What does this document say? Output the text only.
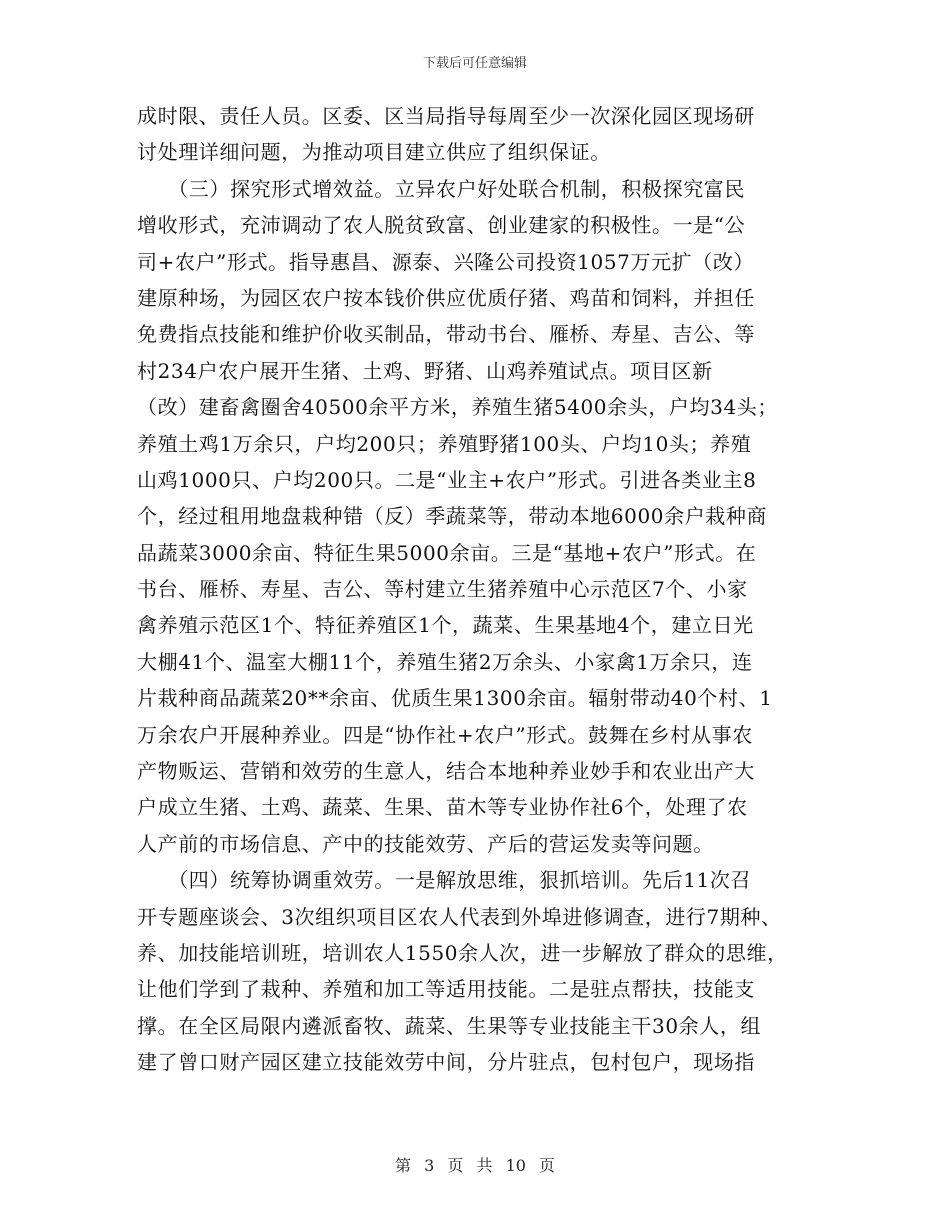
下载后可任意编辑
成时限、责任人员。区委、区当局指导每周至少一次深化园区现场研
讨处理详细问题，为推动项目建立供应了组织保证。
　　（三）探究形式增效益。立异农户好处联合机制，积极探究富民
增收形式，充沛调动了农人脱贫致富、创业建家的积极性。一是“公
司+农户”形式。指导惠昌、源泰、兴隆公司投资1057万元扩（改）
建原种场，为园区农户按本钱价供应优质仔猪、鸡苗和饲料，并担任
免费指点技能和维护价收买制品，带动书台、雁桥、寿星、吉公、等
村234户农户展开生猪、土鸡、野猪、山鸡养殖试点。项目区新
（改）建畜禽圈舍40500余平方米，养殖生猪5400余头，户均34头；
养殖土鸡1万余只，户均200只；养殖野猪100头、户均10头；养殖
山鸡1000只、户均200只。二是“业主+农户”形式。引进各类业主8
个，经过租用地盘栽种错（反）季蔬菜等，带动本地6000余户栽种商
品蔬菜3000余亩、特征生果5000余亩。三是“基地+农户”形式。在
书台、雁桥、寿星、吉公、等村建立生猪养殖中心示范区7个、小家
禽养殖示范区1个、特征养殖区1个，蔬菜、生果基地4个，建立日光
大棚41个、温室大棚11个，养殖生猪2万余头、小家禽1万余只，连
片栽种商品蔬菜20**余亩、优质生果1300余亩。辐射带动40个村、1
万余农户开展种养业。四是“协作社+农户”形式。鼓舞在乡村从事农
产物贩运、营销和效劳的生意人，结合本地种养业妙手和农业出产大
户成立生猪、土鸡、蔬菜、生果、苗木等专业协作社6个，处理了农
人产前的市场信息、产中的技能效劳、产后的营运发卖等问题。
　　（四）统筹协调重效劳。一是解放思维，狠抓培训。先后11次召
开专题座谈会、3次组织项目区农人代表到外埠进修调查，进行7期种、
养、加技能培训班，培训农人1550余人次，进一步解放了群众的思维，
让他们学到了栽种、养殖和加工等适用技能。二是驻点帮扶，技能支
撑。在全区局限内遴派畜牧、蔬菜、生果等专业技能主干30余人，组
建了曾口财产园区建立技能效劳中间，分片驻点，包村包户，现场指
第 3 页 共 10 页
